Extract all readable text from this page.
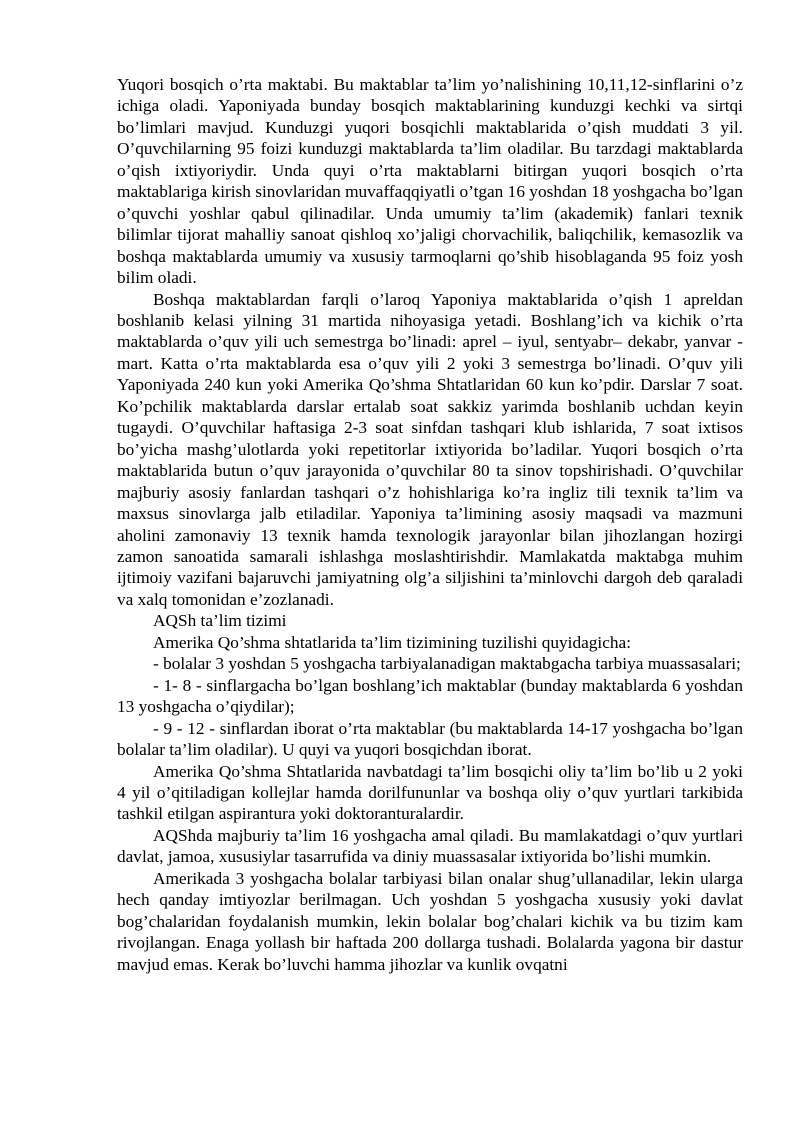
Yuqori bosqich o’rta maktabi. Bu maktablar ta’lim yo’nalishining 10,11,12-sinflarini o’z ichiga oladi. Yaponiyada bunday bosqich maktablarining kunduzgi kechki va sirtqi bo’limlari mavjud. Kunduzgi yuqori bosqichli maktablarida o’qish muddati 3 yil. O’quvchilarning 95 foizi kunduzgi maktablarda ta’lim oladilar. Bu tarzdagi maktablarda o’qish ixtiyoriydir. Unda quyi o’rta maktablarni bitirgan yuqori bosqich o’rta maktablariga kirish sinovlaridan muvaffaqqiyatli o’tgan 16 yoshdan 18 yoshgacha bo’lgan o’quvchi yoshlar qabul qilinadilar. Unda umumiy ta’lim (akademik) fanlari texnik bilimlar tijorat mahalliy sanoat qishloq xo’jaligi chorvachilik, baliqchilik, kemasozlik va boshqa maktablarda umumiy va xususiy tarmoqlarni qo’shib hisoblaganda 95 foiz yosh bilim oladi.

Boshqa maktablardan farqli o’laroq Yaponiya maktablarida o’qish 1 apreldan boshlanib kelasi yilning 31 martida nihoyasiga yetadi. Boshlang’ich va kichik o’rta maktablarda o’quv yili uch semestrga bo’linadi: aprel – iyul, sentyabr– dekabr, yanvar - mart. Katta o’rta maktablarda esa o’quv yili 2 yoki 3 semestrga bo’linadi. O’quv yili Yaponiyada 240 kun yoki Amerika Qo’shma Shtatlaridan 60 kun ko’pdir. Darslar 7 soat. Ko’pchilik maktablarda darslar ertalab soat sakkiz yarimda boshlanib uchdan keyin tugaydi. O’quvchilar haftasiga 2-3 soat sinfdan tashqari klub ishlarida, 7 soat ixtisos bo’yicha mashg’ulotlarda yoki repetitorlar ixtiyorida bo’ladilar. Yuqori bosqich o’rta maktablarida butun o’quv jarayonida o’quvchilar 80 ta sinov topshirishadi. O’quvchilar majburiy asosiy fanlardan tashqari o’z hohishlariga ko’ra ingliz tili texnik ta’lim va maxsus sinovlarga jalb etiladilar. Yaponiya ta’limining asosiy maqsadi va mazmuni aholini zamonaviy 13 texnik hamda texnologik jarayonlar bilan jihozlangan hozirgi zamon sanoatida samarali ishlashga moslashtirishdir. Mamlakatda maktabga muhim ijtimoiy vazifani bajaruvchi jamiyatning olg’a siljishini ta’minlovchi dargoh deb qaraladi va xalq tomonidan e’zozlanadi.

AQSh ta’lim tizimi

Amerika Qo’shma shtatlarida ta’lim tizimining tuzilishi quyidagicha:

- bolalar 3 yoshdan 5 yoshgacha tarbiyalanadigan maktabgacha tarbiya muassasalari;

- 1- 8 - sinflargacha bo’lgan boshlang’ich maktablar (bunday maktablarda 6 yoshdan 13 yoshgacha o’qiydilar);

- 9 - 12 - sinflardan iborat o’rta maktablar (bu maktablarda 14-17 yoshgacha bo’lgan bolalar ta’lim oladilar). U quyi va yuqori bosqichdan iborat.

Amerika Qo’shma Shtatlarida navbatdagi ta’lim bosqichi oliy ta’lim bo’lib u 2 yoki 4 yil o’qitiladigan kollejlar hamda dorilfununlar va boshqa oliy o’quv yurtlari tarkibida tashkil etilgan aspirantura yoki doktoranturalardir.

AQShda majburiy ta’lim 16 yoshgacha amal qiladi. Bu mamlakatdagi o’quv yurtlari davlat, jamoa, xususiylar tasarrufida va diniy muassasalar ixtiyorida bo’lishi mumkin.

Amerikada 3 yoshgacha bolalar tarbiyasi bilan onalar shug’ullanadilar, lekin ularga hech qanday imtiyozlar berilmagan. Uch yoshdan 5 yoshgacha xususiy yoki davlat bog’chalaridan foydalanish mumkin, lekin bolalar bog’chalari kichik va bu tizim kam rivojlangan. Enaga yollash bir haftada 200 dollarga tushadi. Bolalarda yagona bir dastur mavjud emas. Kerak bo’luvchi hamma jihozlar va kunlik ovqatni
